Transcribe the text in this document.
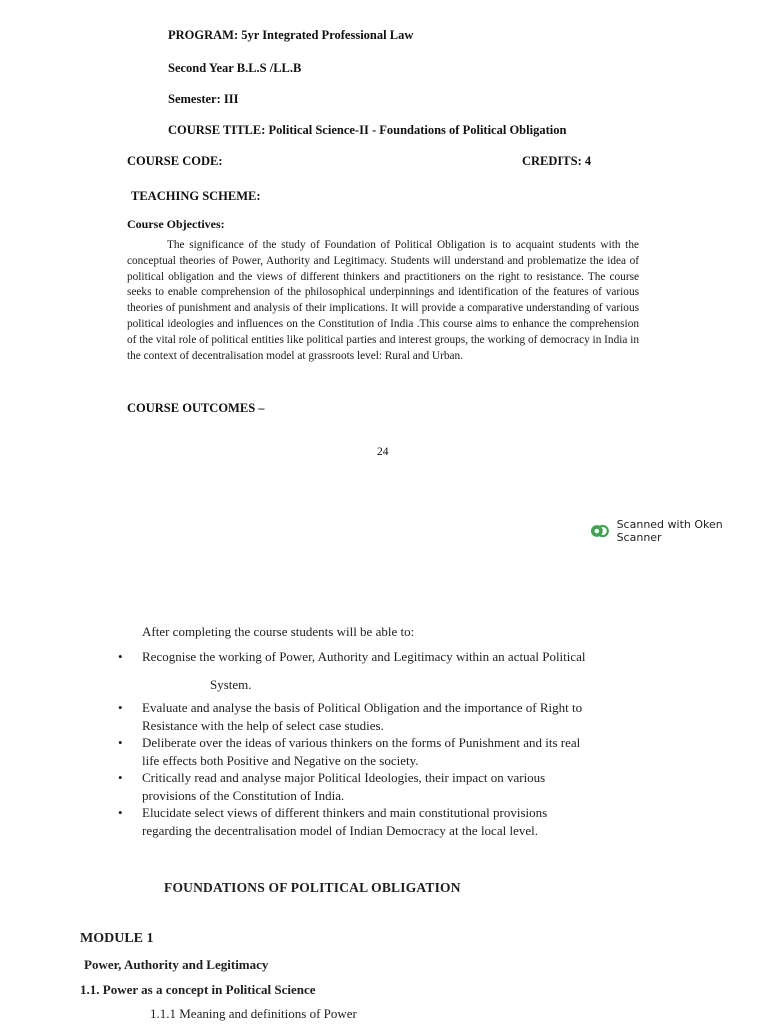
PROGRAM: 5yr Integrated Professional Law
Second Year B.L.S /LL.B
Semester: III
COURSE TITLE: Political Science-II - Foundations of Political Obligation
COURSE CODE:	CREDITS: 4
TEACHING SCHEME:
Course Objectives:
The significance of the study of Foundation of Political Obligation is to acquaint students with the conceptual theories of Power, Authority and Legitimacy. Students will understand and problematize the idea of political obligation and the views of different thinkers and practitioners on the right to resistance. The course seeks to enable comprehension of the philosophical underpinnings and identification of the features of various theories of punishment and analysis of their implications. It will provide a comparative understanding of various political ideologies and influences on the Constitution of India .This course aims to enhance the comprehension of the vital role of political entities like political parties and interest groups, the working of democracy in India in the context of decentralisation model at grassroots level: Rural and Urban.
COURSE OUTCOMES –
24
Scanned with Oken Scanner
After completing the course students will be able to:
• Recognise the working of Power, Authority and Legitimacy within an actual Political
System.
• Evaluate and analyse the basis of Political Obligation and the importance of Right to
Resistance with the help of select case studies.
• Deliberate over the ideas of various thinkers on the forms of Punishment and its real
life effects both Positive and Negative on the society.
• Critically read and analyse major Political Ideologies, their impact on various
provisions of the Constitution of India.
• Elucidate select views of different thinkers and main constitutional provisions
regarding the decentralisation model of Indian Democracy at the local level.
FOUNDATIONS OF POLITICAL OBLIGATION
MODULE 1
Power, Authority and Legitimacy
1.1. Power as a concept in Political Science
1.1.1 Meaning and definitions of Power
